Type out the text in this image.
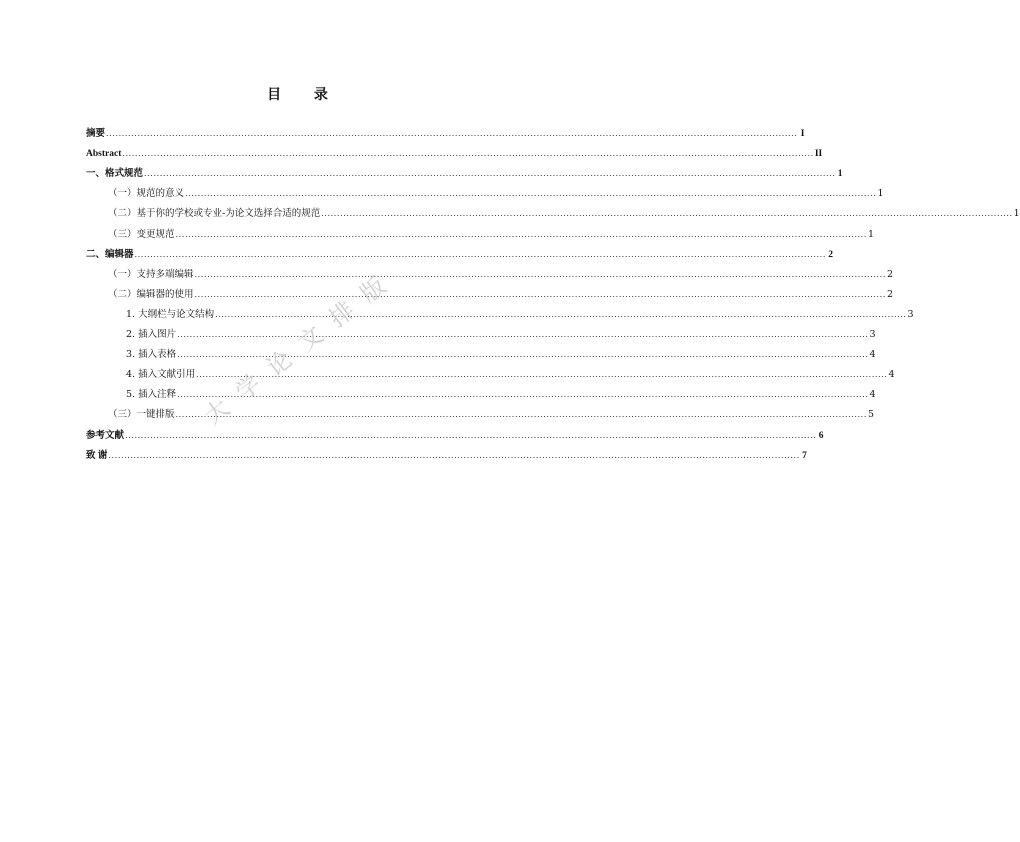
目 录
摘要 ............................................................................................................................................................................................................................ I
Abstract ............................................................................................................................................................................................................................ II
一、格式规范 ............................................................................................................................................................................................................................ 1
（一）规范的意义 ............................................................................................................................................................................................................................ 1
（二）基于你的学校或专业-为论文选择合适的规范 ............................................................................................................................................................................................................................ 1
（三）变更规范 ............................................................................................................................................................................................................................ 1
二、编辑器 ............................................................................................................................................................................................................................ 2
（一）支持多端编辑 ............................................................................................................................................................................................................................ 2
（二）编辑器的使用 ............................................................................................................................................................................................................................ 2
1. 大纲栏与论文结构 ............................................................................................................................................................................................................................ 3
2. 插入图片 ............................................................................................................................................................................................................................ 3
3. 插入表格 ............................................................................................................................................................................................................................ 4
4. 插入文献引用 ............................................................................................................................................................................................................................ 4
5. 插入注释 ............................................................................................................................................................................................................................ 4
（三）一键排版 ............................................................................................................................................................................................................................ 5
参考文献 ............................................................................................................................................................................................................................ 6
致 谢 ............................................................................................................................................................................................................................ 7
大 学 论 文 排 版
